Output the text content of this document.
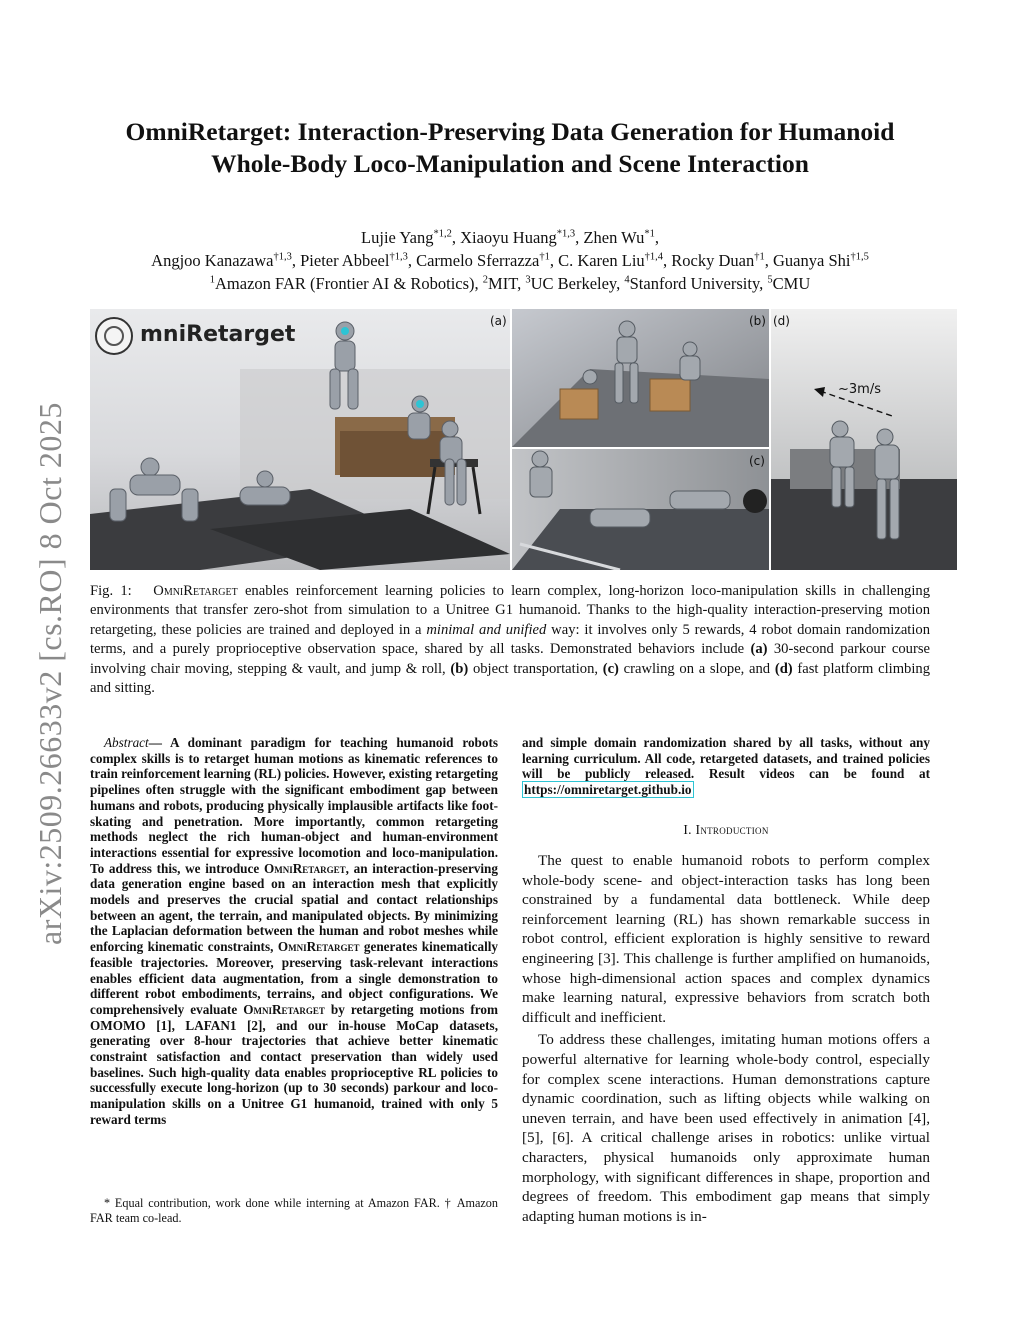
arXiv:2509.26633v2 [cs.RO] 8 Oct 2025
OmniRetarget: Interaction-Preserving Data Generation for Humanoid
Whole-Body Loco-Manipulation and Scene Interaction
Lujie Yang$^{*1,2}$, Xiaoyu Huang$^{*1,3}$, Zhen Wu$^{*1}$,
Angjoo Kanazawa$^{\dagger 1,3}$, Pieter Abbeel$^{\dagger 1,3}$, Carmelo Sferrazza$^{\dagger 1}$, C. Karen Liu$^{\dagger 1,4}$, Rocky Duan$^{\dagger 1}$, Guanya Shi$^{\dagger 1,5}$
$^1$Amazon FAR (Frontier AI & Robotics), $^2$MIT, $^3$UC Berkeley, $^4$Stanford University, $^5$CMU
mniRetarget
(a)	(b) (d)
(c)
~3m/s
Fig. 1: OmniRetarget enables reinforcement learning policies to learn complex, long-horizon loco-manipulation skills in challenging environments that transfer zero-shot from simulation to a Unitree G1 humanoid. Thanks to the high-quality interaction-preserving motion retargeting, these policies are trained and deployed in a minimal and unified way: it involves only 5 rewards, 4 robot domain randomization terms, and a purely proprioceptive observation space, shared by all tasks. Demonstrated behaviors include (a) 30-second parkour course involving chair moving, stepping & vault, and jump & roll, (b) object transportation, (c) crawling on a slope, and (d) fast platform climbing and sitting.
Abstract— A dominant paradigm for teaching humanoid robots complex skills is to retarget human motions as kinematic references to train reinforcement learning (RL) policies. However, existing retargeting pipelines often struggle with the significant embodiment gap between humans and robots, producing physically implausible artifacts like foot-skating and penetration. More importantly, common retargeting methods neglect the rich human-object and human-environment interactions essential for expressive locomotion and loco-manipulation. To address this, we introduce OmniRetarget, an interaction-preserving data generation engine based on an interaction mesh that explicitly models and preserves the crucial spatial and contact relationships between an agent, the terrain, and manipulated objects. By minimizing the Laplacian deformation between the human and robot meshes while enforcing kinematic constraints, OmniRetarget generates kinematically feasible trajectories. Moreover, preserving task-relevant interactions enables efficient data augmentation, from a single demonstration to different robot embodiments, terrains, and object configurations. We comprehensively evaluate OmniRetarget by retargeting motions from OMOMO [1], LAFAN1 [2], and our in-house MoCap datasets, generating over 8-hour trajectories that achieve better kinematic constraint satisfaction and contact preservation than widely used baselines. Such high-quality data enables proprioceptive RL policies to successfully execute long-horizon (up to 30 seconds) parkour and loco-manipulation skills on a Unitree G1 humanoid, trained with only 5 reward terms
and simple domain randomization shared by all tasks, without any learning curriculum. All code, retargeted datasets, and trained policies will be publicly released. Result videos can be found at https://omniretarget.github.io
I. Introduction

The quest to enable humanoid robots to perform complex whole-body scene- and object-interaction tasks has long been constrained by a fundamental data bottleneck. While deep reinforcement learning (RL) has shown remarkable success in robot control, efficient exploration is highly sensitive to reward engineering [3]. This challenge is further amplified on humanoids, whose high-dimensional action spaces and complex dynamics make learning natural, expressive behaviors from scratch both difficult and inefficient.

To address these challenges, imitating human motions offers a powerful alternative for learning whole-body control, especially for complex scene interactions. Human demonstrations capture dynamic coordination, such as lifting objects while walking on uneven terrain, and have been used effectively in animation [4], [5], [6]. A critical challenge arises in robotics: unlike virtual characters, physical humanoids only approximate human morphology, with significant differences in shape, proportion and degrees of freedom. This embodiment gap means that simply adapting human motions is in-

* Equal contribution, work done while interning at Amazon FAR. † Amazon FAR team co-lead.
